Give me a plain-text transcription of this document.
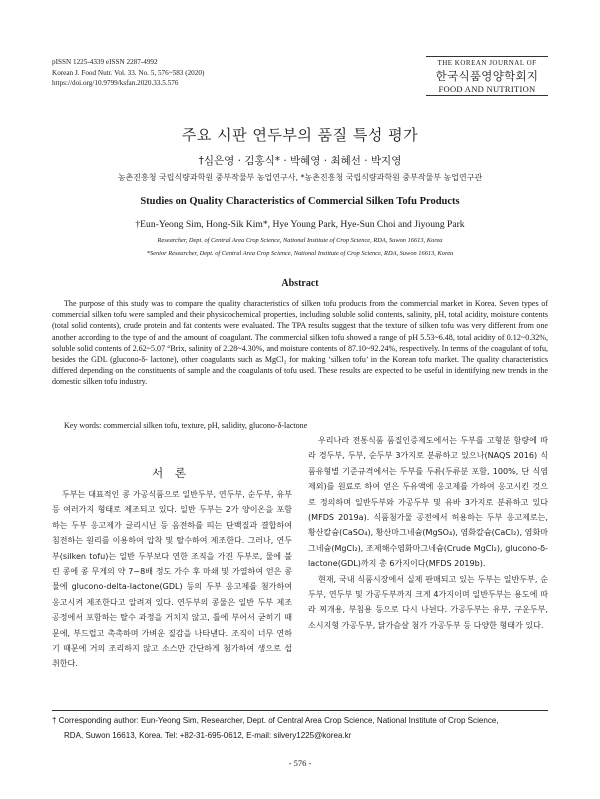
pISSN 1225-4339 eISSN 2287-4992
Korean J. Food Nutr. Vol. 33. No. 5, 576~583 (2020)
https://doi.org/10.9799/ksfan.2020.33.5.576
THE KOREAN JOURNAL OF
한국식품영양학회지
FOOD AND NUTRITION
주요 시판 연두부의 품질 특성 평가
†심은영 · 김홍식* · 박혜영 · 최혜선 · 박지영
농촌진흥청 국립식량과학원 중부작물부 농업연구사, *농촌진흥청 국립식량과학원 중부작물부 농업연구관
Studies on Quality Characteristics of Commercial Silken Tofu Products
†Eun-Yeong Sim, Hong-Sik Kim*, Hye Young Park, Hye-Sun Choi and Jiyoung Park
Researcher, Dept. of Central Area Crop Science, National Institute of Crop Science, RDA, Suwon 16613, Korea
*Senior Researcher, Dept. of Central Area Crop Science, National Institute of Crop Science, RDA, Suwon 16613, Korea
Abstract

The purpose of this study was to compare the quality characteristics of silken tofu products from the commercial market in Korea. Seven types of commercial silken tofu were sampled and their physicochemical properties, including soluble solid contents, salinity, pH, total acidity, moisture contents (total solid contents), crude protein and fat contents were evaluated. The TPA results suggest that the texture of silken tofu was very different from one another according to the type of and the amount of coagulant. The commercial silken tofu showed a range of pH 5.53~6.48, total acidity of 0.12~0.32%, soluble solid contents of 2.62~5.07 °Brix, salinity of 2.28~4.30%, and moisture contents of 87.10~92.24%, respectively. In terms of the coagulant of tofu, besides the GDL (glucono-δ- lactone), other coagulants such as MgCl₂ for making ‘silken tofu’ in the Korean tofu market. The quality characteristics differed depending on the constituents of sample and the coagulants of tofu used. These results are expected to be useful in identifying new trends in the domestic silken tofu industry.

Key words: commercial silken tofu, texture, pH, salidity, glucono-δ-lactone
서 론

두부는 대표적인 콩 가공식품으로 일반두부, 연두부, 순두부, 유부 등 여러가지 형태로 제조되고 있다. 일반 두부는 2가 양이온을 포함하는 두부 응고제가 글리시닌 등 음전하를 띄는 단백질과 결합하여 침전하는 원리를 이용하여 압착 및 탈수하여 제조한다. 그러나, 연두부(silken tofu)는 일반 두부보다 연한 조직을 가진 두부로, 물에 불린 콩에 콩 무게의 약 7~8배 정도 가수 후 마쇄 및 가열하여 얻은 콩물에 glucono-delta-lactone(GDL) 등의 두부 응고제를 첨가하여 응고시켜 제조한다고 알려져 있다. 연두부의 콩물은 일반 두부 제조공정에서 포함하는 탈수 과정을 거치지 않고, 틀에 부어서 굳히기 때문에, 부드럽고 촉촉하며 가벼운 질감을 나타낸다. 조직이 너무 연하기 때문에 거의 조리하지 않고 소스만 간단하게 첨가하여 생으로 섭취한다.

우리나라 전통식품 품질인증제도에서는 두부를 고형분 함량에 따라 경두부, 두부, 순두부 3가지로 분류하고 있으나(NAQS 2016) 식품유형별 기준규격에서는 두부를 두류(두류분 포함, 100%, 단 식염제외)를 원료로 하여 얻은 두유액에 응고제를 가하여 응고시킨 것으로 정의하며 일반두부와 가공두부 및 유바 3가지로 분류하고 있다(MFDS 2019a). 식품첨가물 공전에서 허용하는 두부 응고제로는, 황산칼슘(CaSO₄), 황산마그네슘(MgSO₄), 염화칼슘(CaCl₂), 염화마그네슘(MgCl₂), 조제해수염화마그네슘(Crude MgCl₂), glucono-δ-lactone(GDL)까지 총 6가지이다(MFDS 2019b).

현재, 국내 식품시장에서 실제 판매되고 있는 두부는 일반두부, 순두부, 연두부 및 가공두부까지 크게 4가지이며 일반두부는 용도에 따라 찌개용, 부침용 등으로 다시 나뉜다. 가공두부는 유부, 구운두부, 소시지형 가공두부, 닭가슴살 첨가 가공두부 등 다양한 형태가 있다.

† Corresponding author: Eun-Yeong Sim, Researcher, Dept. of Central Area Crop Science, National Institute of Crop Science,
RDA, Suwon 16613, Korea. Tel: +82-31-695-0612, E-mail: silvery1225@korea.kr
- 576 -
